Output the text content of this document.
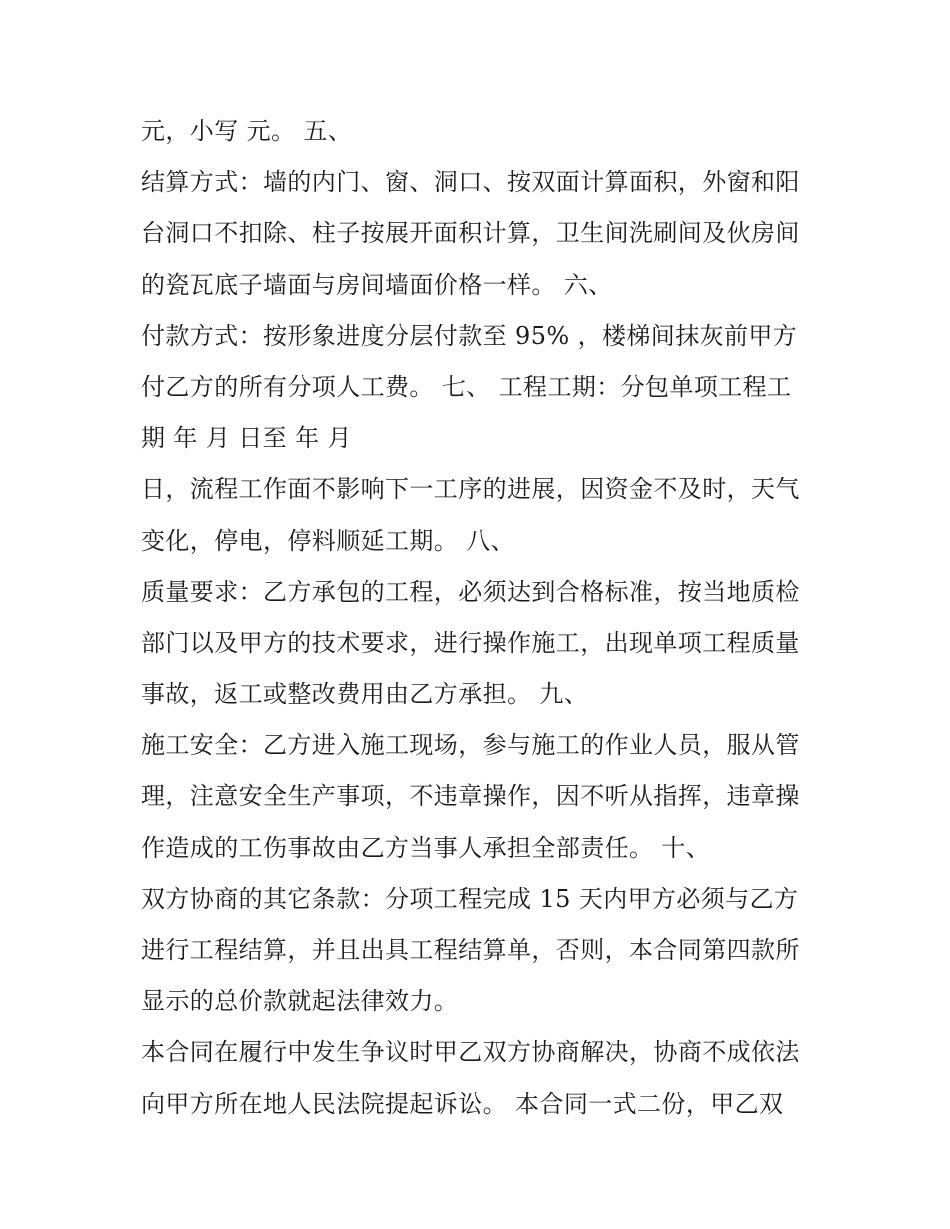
元，小写 元。 五、
结算方式：墙的内门、窗、洞口、按双面计算面积，外窗和阳
台洞口不扣除、柱子按展开面积计算，卫生间洗刷间及伙房间
的瓷瓦底子墙面与房间墙面价格一样。 六、
付款方式：按形象进度分层付款至 95% ，楼梯间抹灰前甲方
付乙方的所有分项人工费。 七、 工程工期：分包单项工程工
期 年 月 日至 年 月
日，流程工作面不影响下一工序的进展，因资金不及时，天气
变化，停电，停料顺延工期。 八、
质量要求：乙方承包的工程，必须达到合格标准，按当地质检
部门以及甲方的技术要求，进行操作施工，出现单项工程质量
事故，返工或整改费用由乙方承担。 九、
施工安全：乙方进入施工现场，参与施工的作业人员，服从管
理，注意安全生产事项，不违章操作，因不听从指挥，违章操
作造成的工伤事故由乙方当事人承担全部责任。 十、
双方协商的其它条款：分项工程完成 15 天内甲方必须与乙方
进行工程结算，并且出具工程结算单，否则，本合同第四款所
显示的总价款就起法律效力。
本合同在履行中发生争议时甲乙双方协商解决，协商不成依法
向甲方所在地人民法院提起诉讼。 本合同一式二份，甲乙双
